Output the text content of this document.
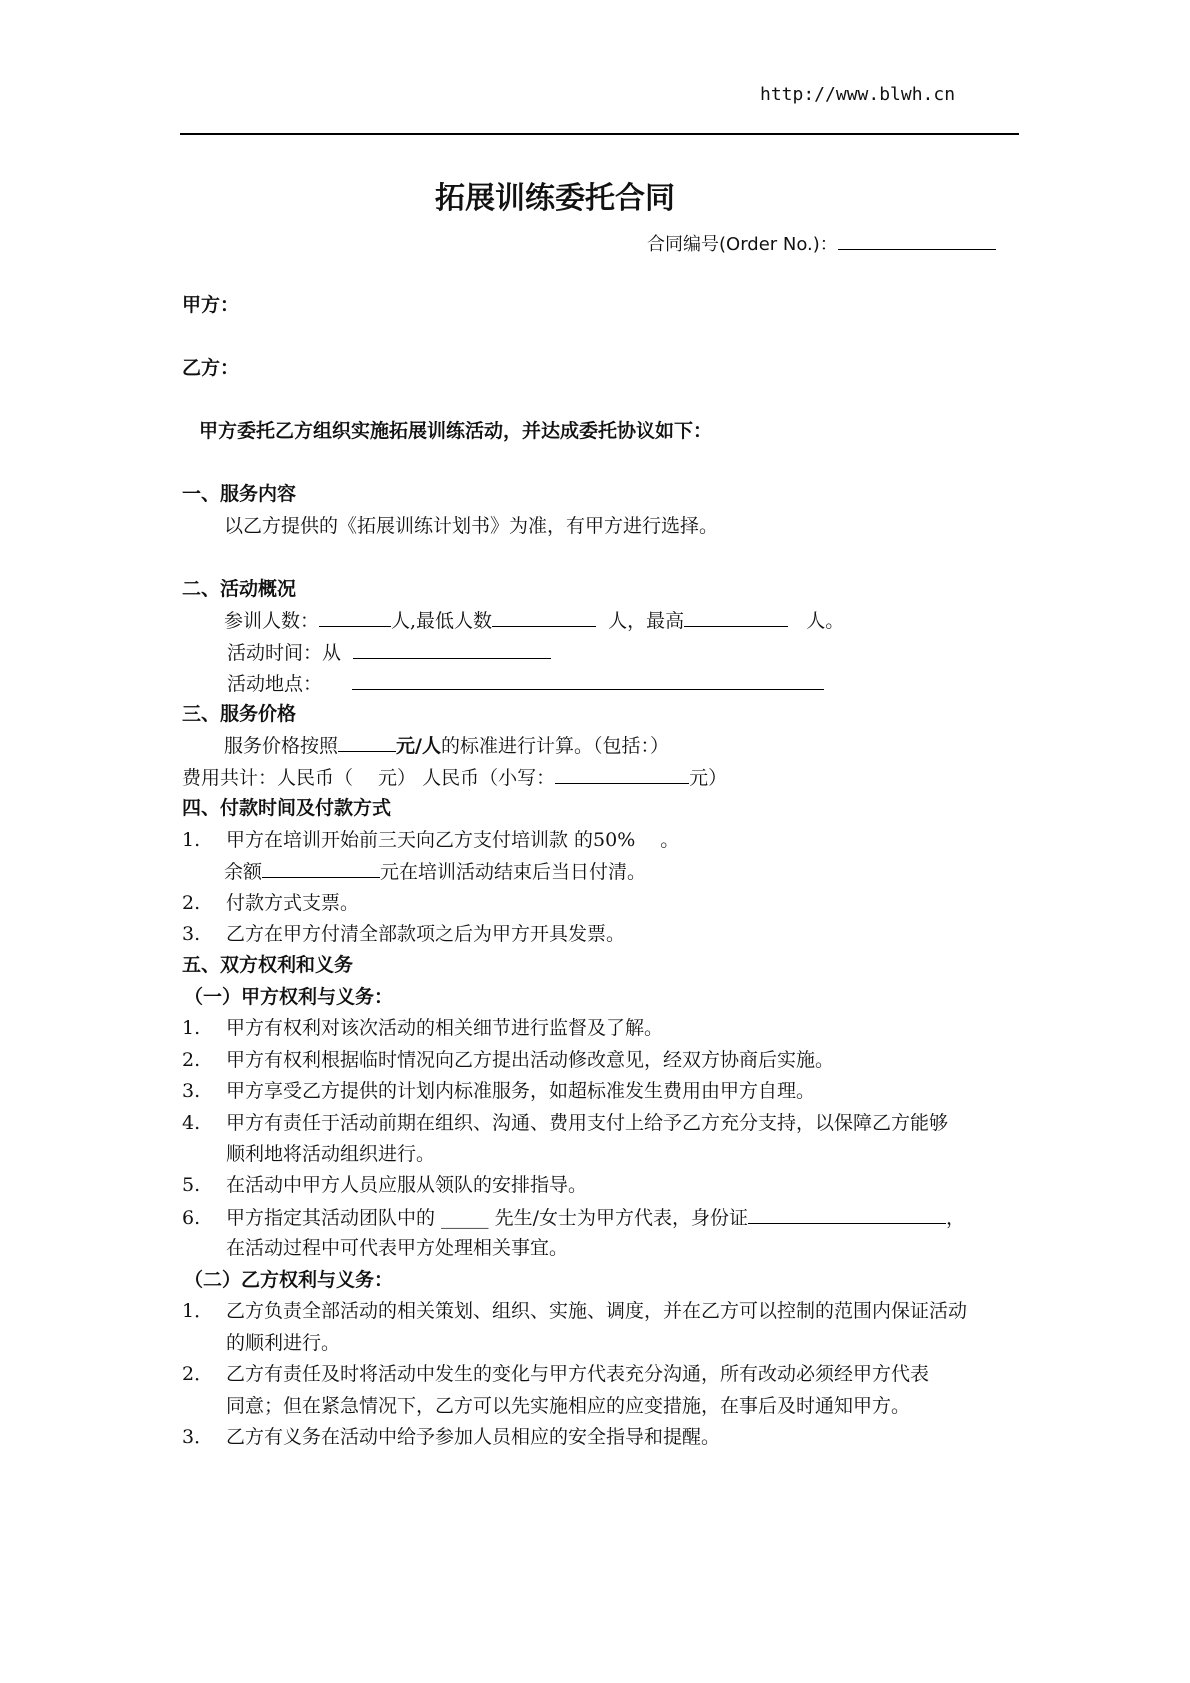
http://www.blwh.cn
拓展训练委托合同
合同编号(Order No.)：
甲方：
乙方：
甲方委托乙方组织实施拓展训练活动，并达成委托协议如下：
一、服务内容
以乙方提供的《拓展训练计划书》为准，有甲方进行选择。
二、活动概况
参训人数：	人,最低人数	人，最高	人。
活动时间：从
活动地点：
三、服务价格
服务价格按照	元/人的标准进行计算。（包括：）
费用共计：人民币（　 元） 人民币（小写：	元）
四、付款时间及付款方式
1. 甲方在培训开始前三天向乙方支付培训款 的50%　 。
余额	元在培训活动结束后当日付清。
2. 付款方式支票。
3. 乙方在甲方付清全部款项之后为甲方开具发票。
五、双方权利和义务
（一）甲方权利与义务：
1. 甲方有权利对该次活动的相关细节进行监督及了解。
2. 甲方有权利根据临时情况向乙方提出活动修改意见，经双方协商后实施。
3. 甲方享受乙方提供的计划内标准服务，如超标准发生费用由甲方自理。
4. 甲方有责任于活动前期在组织、沟通、费用支付上给予乙方充分支持，以保障乙方能够
顺利地将活动组织进行。
5. 在活动中甲方人员应服从领队的安排指导。
6. 甲方指定其活动团队中的 _____ 先生/女士为甲方代表，身份证	，
在活动过程中可代表甲方处理相关事宜。
（二）乙方权利与义务：
1． 乙方负责全部活动的相关策划、组织、实施、调度，并在乙方可以控制的范围内保证活动
的顺利进行。
2． 乙方有责任及时将活动中发生的变化与甲方代表充分沟通，所有改动必须经甲方代表
同意；但在紧急情况下，乙方可以先实施相应的应变措施，在事后及时通知甲方。
3． 乙方有义务在活动中给予参加人员相应的安全指导和提醒。
